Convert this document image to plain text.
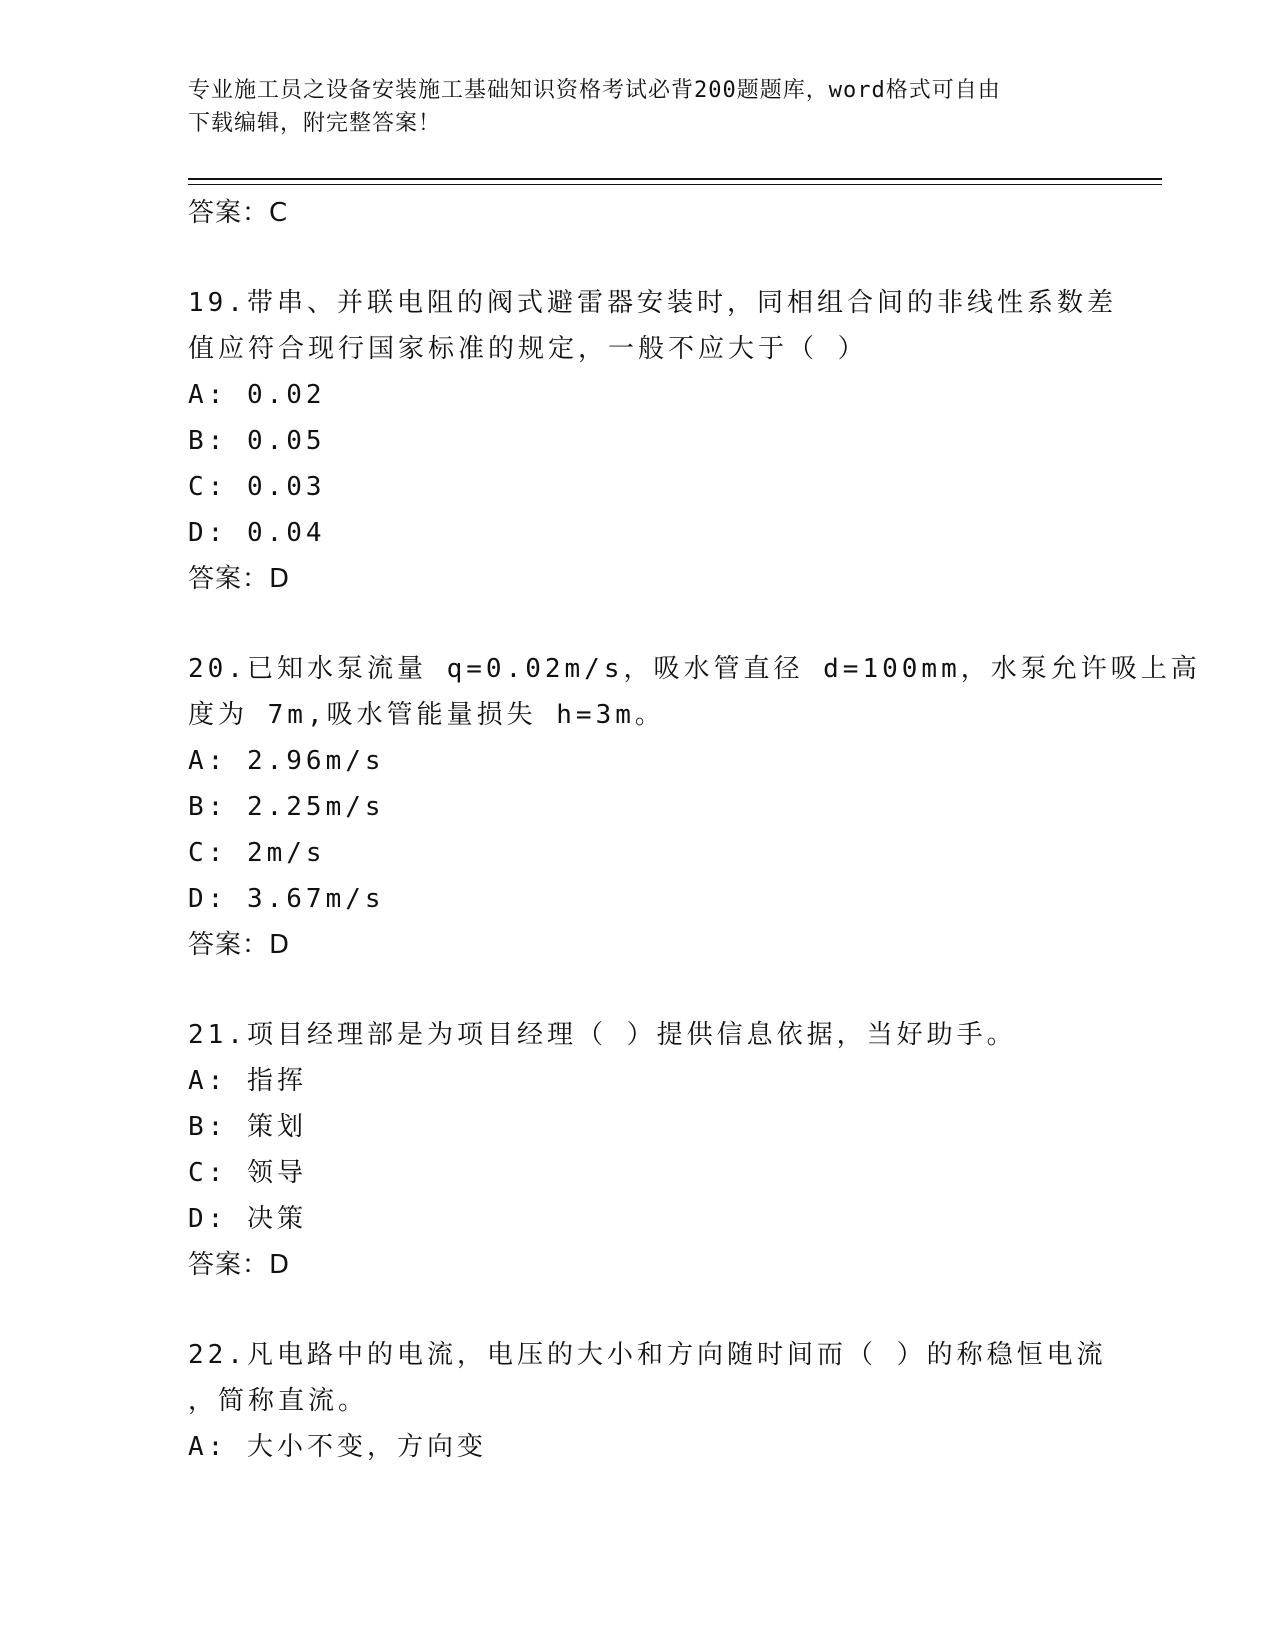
专业施工员之设备安装施工基础知识资格考试必背200题题库，word格式可自由
下载编辑，附完整答案！

答案：C

19.带串、并联电阻的阀式避雷器安装时，同相组合间的非线性系数差

值应符合现行国家标准的规定，一般不应大于（ ）

A: 0.02

B: 0.05

C: 0.03

D: 0.04

答案：D

20.已知水泵流量 q=0.02m/s，吸水管直径 d=100mm，水泵允许吸上高

度为 7m,吸水管能量损失 h=3m。

A: 2.96m/s

B: 2.25m/s

C: 2m/s

D: 3.67m/s

答案：D

21.项目经理部是为项目经理（ ）提供信息依据，当好助手。

A: 指挥

B: 策划

C: 领导

D: 决策

答案：D

22.凡电路中的电流，电压的大小和方向随时间而（ ）的称稳恒电流

，简称直流。

A: 大小不变，方向变
